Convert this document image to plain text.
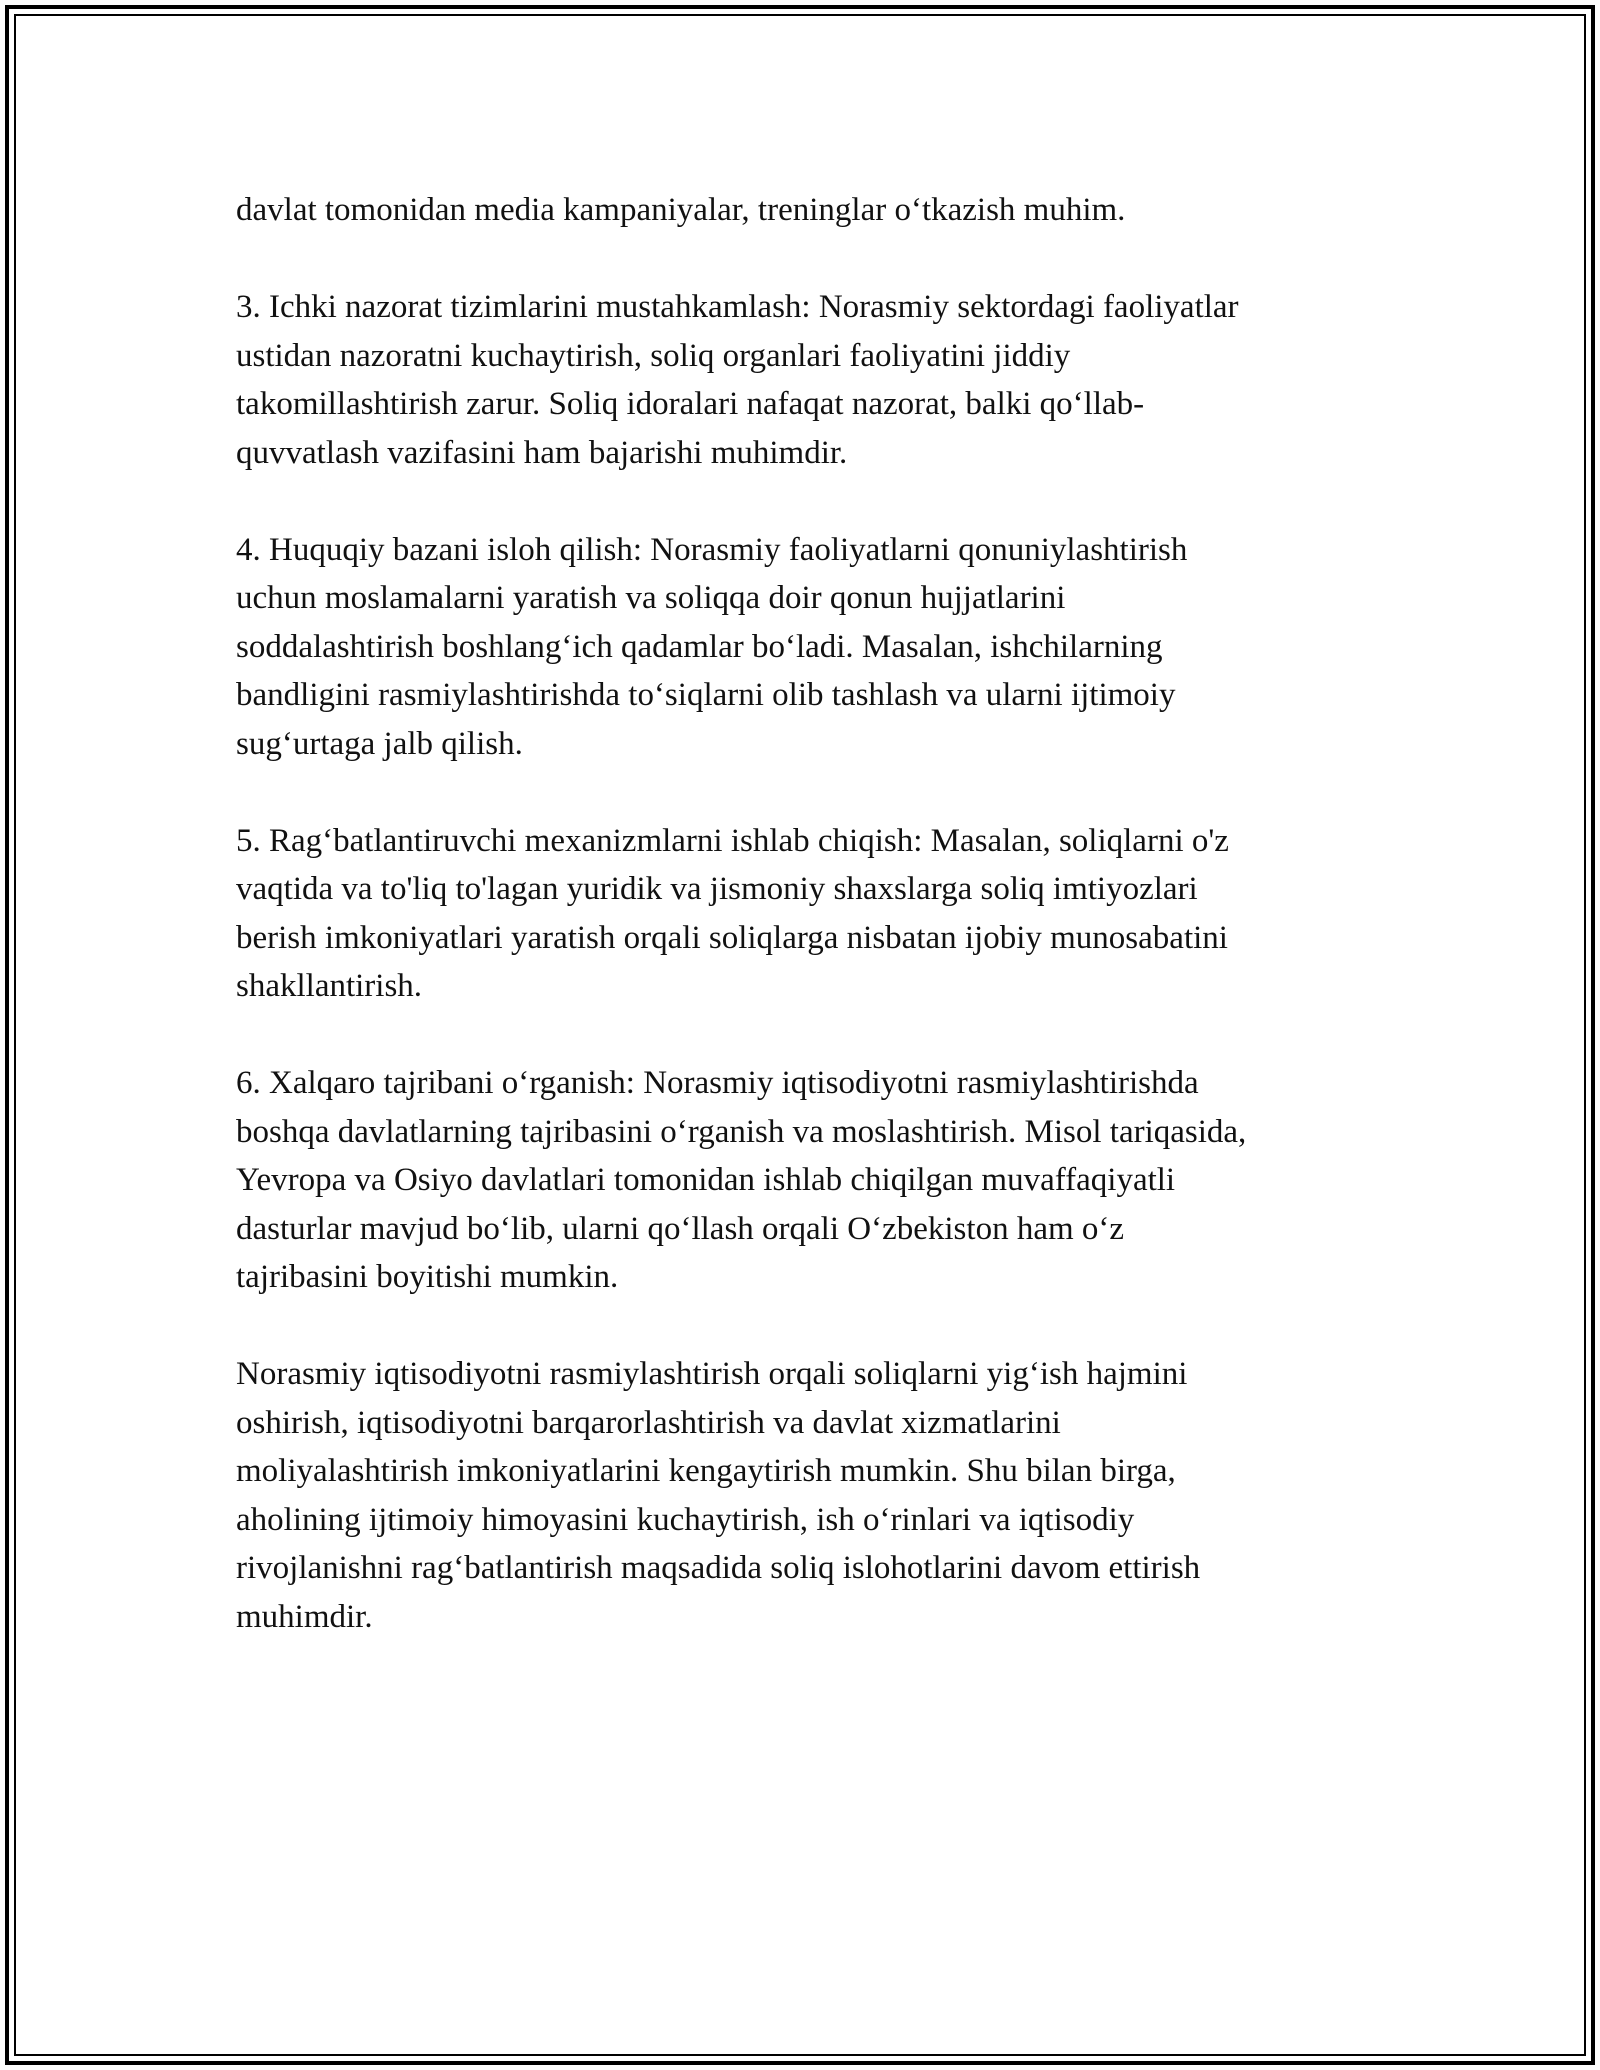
davlat tomonidan media kampaniyalar, treninglar o‘tkazish muhim.

3. Ichki nazorat tizimlarini mustahkamlash: Norasmiy sektordagi faoliyatlar
ustidan nazoratni kuchaytirish, soliq organlari faoliyatini jiddiy
takomillashtirish zarur. Soliq idoralari nafaqat nazorat, balki qo‘llab-
quvvatlash vazifasini ham bajarishi muhimdir.

4. Huquqiy bazani isloh qilish: Norasmiy faoliyatlarni qonuniylashtirish
uchun moslamalarni yaratish va soliqqa doir qonun hujjatlarini
soddalashtirish boshlang‘ich qadamlar bo‘ladi. Masalan, ishchilarning
bandligini rasmiylashtirishda to‘siqlarni olib tashlash va ularni ijtimoiy
sug‘urtaga jalb qilish.

5. Rag‘batlantiruvchi mexanizmlarni ishlab chiqish: Masalan, soliqlarni o'z
vaqtida va to'liq to'lagan yuridik va jismoniy shaxslarga soliq imtiyozlari
berish imkoniyatlari yaratish orqali soliqlarga nisbatan ijobiy munosabatini
shakllantirish.

6. Xalqaro tajribani o‘rganish: Norasmiy iqtisodiyotni rasmiylashtirishda
boshqa davlatlarning tajribasini o‘rganish va moslashtirish. Misol tariqasida,
Yevropa va Osiyo davlatlari tomonidan ishlab chiqilgan muvaffaqiyatli
dasturlar mavjud bo‘lib, ularni qo‘llash orqali O‘zbekiston ham o‘z
tajribasini boyitishi mumkin.

Norasmiy iqtisodiyotni rasmiylashtirish orqali soliqlarni yig‘ish hajmini
oshirish, iqtisodiyotni barqarorlashtirish va davlat xizmatlarini
moliyalashtirish imkoniyatlarini kengaytirish mumkin. Shu bilan birga,
aholining ijtimoiy himoyasini kuchaytirish, ish o‘rinlari va iqtisodiy
rivojlanishni rag‘batlantirish maqsadida soliq islohotlarini davom ettirish
muhimdir.
